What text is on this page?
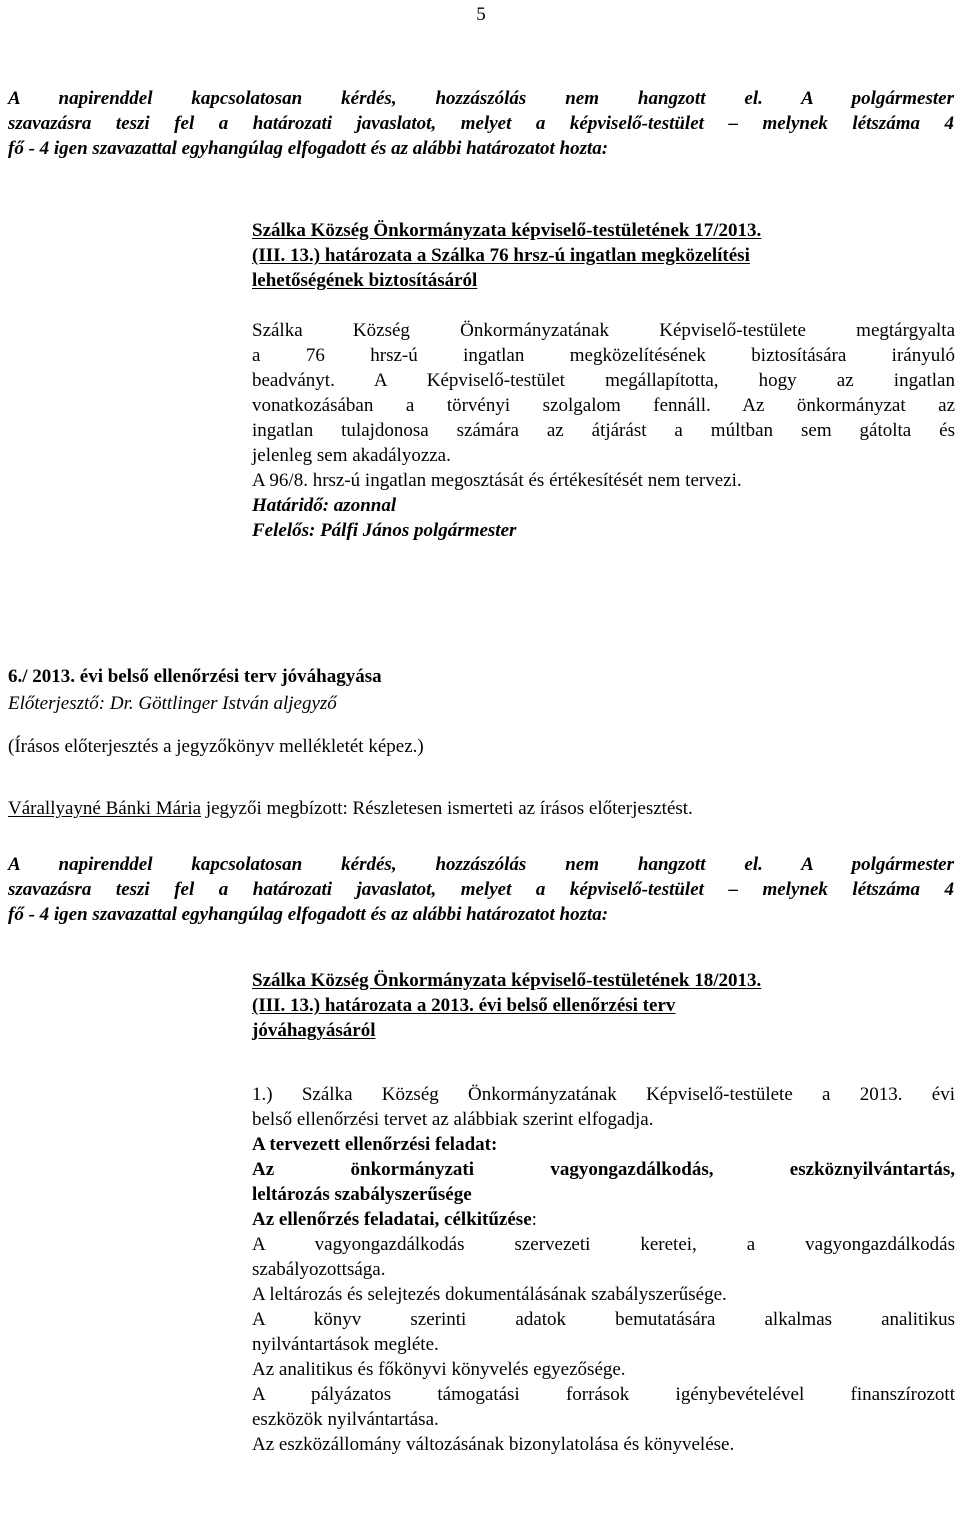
5
A napirenddel kapcsolatosan kérdés, hozzászólás nem hangzott el. A polgármester
szavazásra teszi fel a határozati javaslatot, melyet a képviselő-testület – melynek létszáma 4
fő - 4 igen szavazattal egyhangúlag elfogadott és az alábbi határozatot hozta:
Szálka Község Önkormányzata képviselő-testületének 17/2013.
(III. 13.) határozata a Szálka 76 hrsz-ú ingatlan megközelítési
lehetőségének biztosításáról
Szálka Község Önkormányzatának Képviselő-testülete megtárgyalta
a 76 hrsz-ú ingatlan megközelítésének biztosítására irányuló
beadványt. A Képviselő-testület megállapította, hogy az ingatlan
vonatkozásában a törvényi szolgalom fennáll. Az önkormányzat az
ingatlan tulajdonosa számára az átjárást a múltban sem gátolta és
jelenleg sem akadályozza.
A 96/8. hrsz-ú ingatlan megosztását és értékesítését nem tervezi.
Határidő: azonnal
Felelős: Pálfi János polgármester
6./ 2013. évi belső ellenőrzési terv jóváhagyása
Előterjesztő: Dr. Göttlinger István aljegyző
(Írásos előterjesztés a jegyzőkönyv mellékletét képez.)
Várallyayné Bánki Mária jegyzői megbízott: Részletesen ismerteti az írásos előterjesztést.
A napirenddel kapcsolatosan kérdés, hozzászólás nem hangzott el. A polgármester
szavazásra teszi fel a határozati javaslatot, melyet a képviselő-testület – melynek létszáma 4
fő - 4 igen szavazattal egyhangúlag elfogadott és az alábbi határozatot hozta:
Szálka Község Önkormányzata képviselő-testületének 18/2013.
(III. 13.) határozata a 2013. évi belső ellenőrzési terv
jóváhagyásáról
1.) Szálka Község Önkormányzatának Képviselő-testülete a 2013. évi
belső ellenőrzési tervet az alábbiak szerint elfogadja.
A tervezett ellenőrzési feladat:
Az önkormányzati vagyongazdálkodás, eszköznyilvántartás,
leltározás szabályszerűsége
Az ellenőrzés feladatai, célkitűzése:
A vagyongazdálkodás szervezeti keretei, a vagyongazdálkodás
szabályozottsága.
A leltározás és selejtezés dokumentálásának szabályszerűsége.
A könyv szerinti adatok bemutatására alkalmas analitikus
nyilvántartások megléte.
Az analitikus és főkönyvi könyvelés egyezősége.
A pályázatos támogatási források igénybevételével finanszírozott
eszközök nyilvántartása.
Az eszközállomány változásának bizonylatolása és könyvelése.
